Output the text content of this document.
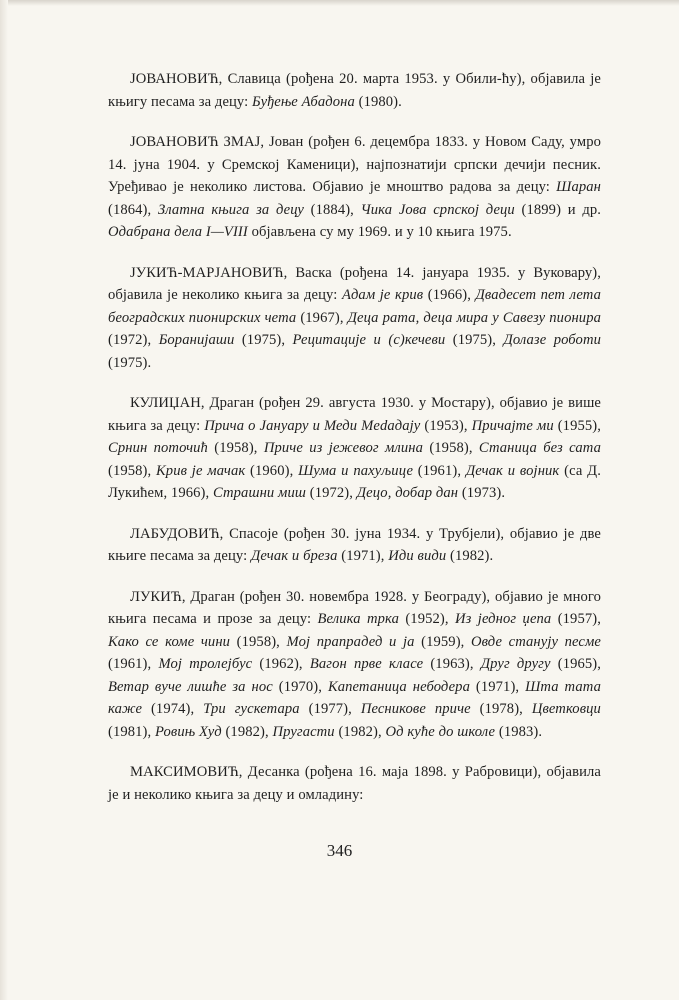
ЈОВАНОВИЋ, Славица (рођена 20. марта 1953. у Обили-ћу), објавила је књигу песама за децу: Буђење Абадона (1980).

ЈОВАНОВИЋ ЗМАЈ, Јован (рођен 6. децембра 1833. у Новом Саду, умро 14. јуна 1904. у Сремској Каменици), најпознатији српски дечији песник. Уређивао је неколико листова. Објавио је мноштво радова за децу: Шаран (1864), Златна књига за децу (1884), Чика Јова српској деци (1899) и др. Одабрана дела I—VIII објављена су му 1969. и у 10 књига 1975.

ЈУКИЋ-МАРЈАНОВИЋ, Васка (рођена 14. јануара 1935. у Вуковару), објавила је неколико књига за децу: Адам је крив (1966), Двадесет пет лета београдских пионирских чета (1967), Деца рата, деца мира у Савезу пионира (1972), Боранијаши (1975), Рецитације и (с)кечеви (1975), Долазе роботи (1975).

КУЛИЏАН, Драган (рођен 29. августа 1930. у Мостару), објавио је више књига за децу: Прича о Јануару и Меди Medaдају (1953), Причајте ми (1955), Срнин поточић (1958), Приче из јежевог млина (1958), Станица без сата (1958), Крив је мачак (1960), Шума и пахуљице (1961), Дечак и војник (са Д. Лукићем, 1966), Страшни миш (1972), Децо, добар дан (1973).

ЛАБУДОВИЋ, Спасоје (рођен 30. јуна 1934. у Трубјели), објавио је две књиге песама за децу: Дечак и бреза (1971), Иди види (1982).

ЛУКИЋ, Драган (рођен 30. новембра 1928. у Београду), објавио је много књига песама и прозе за децу: Велика трка (1952), Из једног џепа (1957), Како се коме чини (1958), Мој прапрадед и ја (1959), Овде станују песме (1961), Мој тролејбус (1962), Вагон прве класе (1963), Друг другу (1965), Ветар вуче лишће за нос (1970), Капетаница небодера (1971), Шта тата каже (1974), Три гускетара (1977), Песникове приче (1978), Цветковци (1981), Ровињ Худ (1982), Пругасти (1982), Од куће до школе (1983).

МАКСИМОВИЋ, Десанка (рођена 16. маја 1898. у Рабровици), објавила је и неколико књига за децу и омладину:

346
